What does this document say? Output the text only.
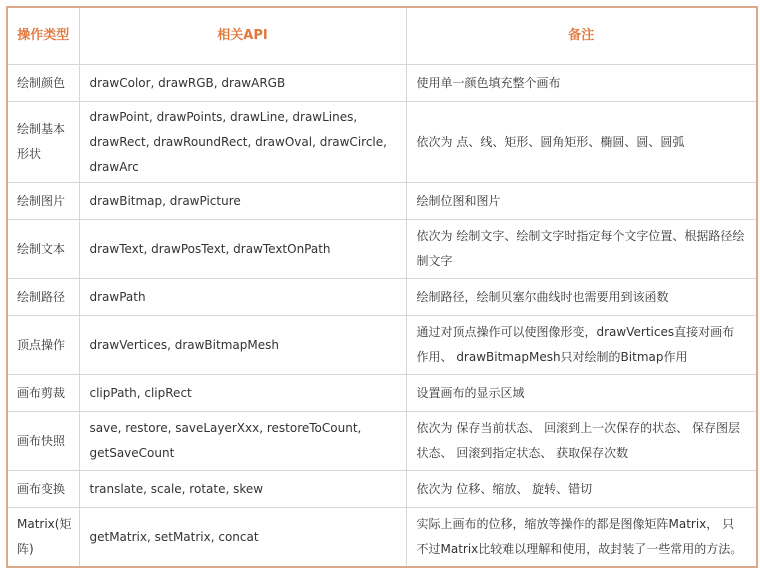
操作类型	相关API	备注
绘制颜色	drawColor, drawRGB, drawARGB	使用单一颜色填充整个画布
绘制基本形状	drawPoint, drawPoints, drawLine, drawLines, drawRect, drawRoundRect, drawOval, drawCircle, drawArc	依次为 点、线、矩形、圆角矩形、椭圆、圆、圆弧
绘制图片	drawBitmap, drawPicture	绘制位图和图片
绘制文本	drawText, drawPosText, drawTextOnPath	依次为 绘制文字、绘制文字时指定每个文字位置、根据路径绘制文字
绘制路径	drawPath	绘制路径，绘制贝塞尔曲线时也需要用到该函数
顶点操作	drawVertices, drawBitmapMesh	通过对顶点操作可以使图像形变，drawVertices直接对画布作用、 drawBitmapMesh只对绘制的Bitmap作用
画布剪裁	clipPath, clipRect	设置画布的显示区域
画布快照	save, restore, saveLayerXxx, restoreToCount, getSaveCount	依次为 保存当前状态、 回滚到上一次保存的状态、 保存图层状态、 回滚到指定状态、 获取保存次数
画布变换	translate, scale, rotate, skew	依次为 位移、缩放、 旋转、错切
Matrix(矩阵)	getMatrix, setMatrix, concat	实际上画布的位移，缩放等操作的都是图像矩阵Matrix， 只不过Matrix比较难以理解和使用，故封装了一些常用的方法。
